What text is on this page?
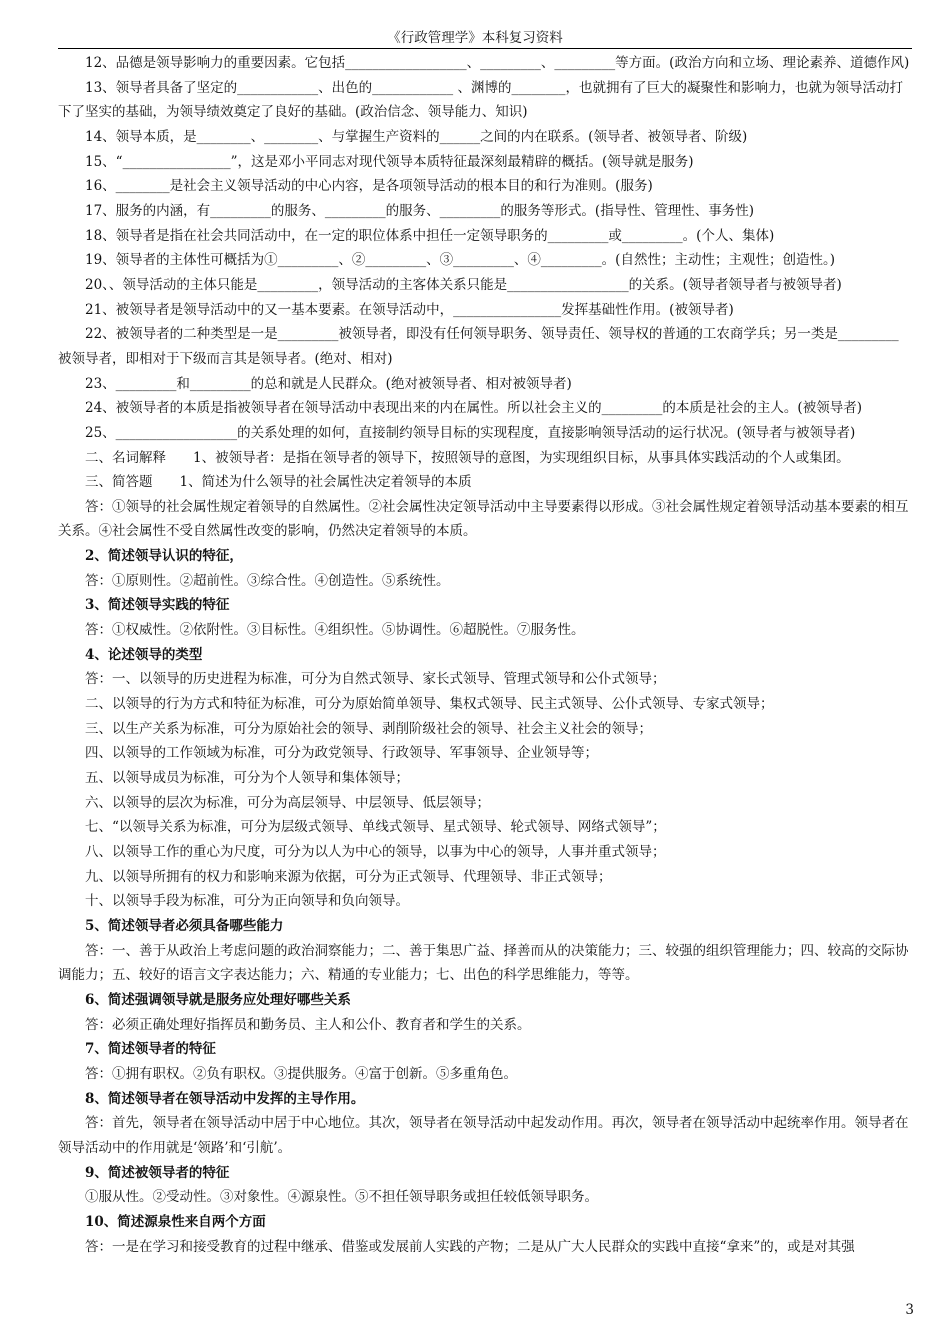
《行政管理学》本科复习资料

12、品德是领导影响力的重要因素。它包括__________________、_________、_________等方面。(政治方向和立场、理论素养、道德作风)

13、领导者具备了坚定的____________、出色的____________ 、渊博的________，也就拥有了巨大的凝聚性和影响力，也就为领导活动打下了坚实的基础，为领导绩效奠定了良好的基础。(政治信念、领导能力、知识)

14、领导本质，是________、________、与掌握生产资料的______之间的内在联系。(领导者、被领导者、阶级)

15、“________________”，这是邓小平同志对现代领导本质特征最深刻最精辟的概括。(领导就是服务)

16、________是社会主义领导活动的中心内容，是各项领导活动的根本目的和行为准则。(服务)

17、服务的内涵，有_________的服务、_________的服务、_________的服务等形式。(指导性、管理性、事务性)

18、领导者是指在社会共同活动中，在一定的职位体系中担任一定领导职务的_________或_________。(个人、集体)

19、领导者的主体性可概括为①_________、②_________、③_________、④_________。(自然性；主动性；主观性；创造性。)

20、、领导活动的主体只能是_________，领导活动的主客体关系只能是__________________的关系。(领导者领导者与被领导者)

21、被领导者是领导活动中的又一基本要素。在领导活动中，________________发挥基础性作用。(被领导者)

22、被领导者的二种类型是一是_________被领导者，即没有任何领导职务、领导责任、领导权的普通的工农商学兵；另一类是_________被领导者，即相对于下级而言其是领导者。(绝对、相对)

23、_________和_________的总和就是人民群众。(绝对被领导者、相对被领导者)

24、被领导者的本质是指被领导者在领导活动中表现出来的内在属性。所以社会主义的_________的本质是社会的主人。(被领导者)

25、__________________的关系处理的如何，直接制约领导目标的实现程度，直接影响领导活动的运行状况。(领导者与被领导者)

二、名词解释　　1、被领导者：是指在领导者的领导下，按照领导的意图，为实现组织目标，从事具体实践活动的个人或集团。

三、简答题　　1、简述为什么领导的社会属性决定着领导的本质

答：①领导的社会属性规定着领导的自然属性。②社会属性决定领导活动中主导要素得以形成。③社会属性规定着领导活动基本要素的相互关系。④社会属性不受自然属性改变的影响，仍然决定着领导的本质。

2、简述领导认识的特征，

答：①原则性。②超前性。③综合性。④创造性。⑤系统性。

3、简述领导实践的特征

答：①权威性。②依附性。③目标性。④组织性。⑤协调性。⑥超脱性。⑦服务性。

4、论述领导的类型

答：一、以领导的历史进程为标准，可分为自然式领导、家长式领导、管理式领导和公仆式领导；

二、以领导的行为方式和特征为标准，可分为原始简单领导、集权式领导、民主式领导、公仆式领导、专家式领导；

三、以生产关系为标准，可分为原始社会的领导、剥削阶级社会的领导、社会主义社会的领导；

四、以领导的工作领域为标准，可分为政党领导、行政领导、军事领导、企业领导等；

五、以领导成员为标准，可分为个人领导和集体领导；

六、以领导的层次为标准，可分为高层领导、中层领导、低层领导；

七、“以领导关系为标准，可分为层级式领导、单线式领导、星式领导、轮式领导、网络式领导”；

八、以领导工作的重心为尺度，可分为以人为中心的领导，以事为中心的领导，人事并重式领导；

九、以领导所拥有的权力和影响来源为依据，可分为正式领导、代理领导、非正式领导；

十、以领导手段为标准，可分为正向领导和负向领导。

5、简述领导者必须具备哪些能力

答：一、善于从政治上考虑问题的政治洞察能力；二、善于集思广益、择善而从的决策能力；三、较强的组织管理能力；四、较高的交际协调能力；五、较好的语言文字表达能力；六、精通的专业能力；七、出色的科学思维能力，等等。

6、简述强调领导就是服务应处理好哪些关系

答：必须正确处理好指挥员和勤务员、主人和公仆、教育者和学生的关系。

7、简述领导者的特征

答：①拥有职权。②负有职权。③提供服务。④富于创新。⑤多重角色。

8、简述领导者在领导活动中发挥的主导作用。

答：首先，领导者在领导活动中居于中心地位。其次，领导者在领导活动中起发动作用。再次，领导者在领导活动中起统率作用。领导者在领导活动中的作用就是‘领路’和‘引航’。

9、简述被领导者的特征

①服从性。②受动性。③对象性。④源泉性。⑤不担任领导职务或担任较低领导职务。

10、简述源泉性来自两个方面

答：一是在学习和接受教育的过程中继承、借鉴或发展前人实践的产物；二是从广大人民群众的实践中直接“拿来”的，或是对其强

3
